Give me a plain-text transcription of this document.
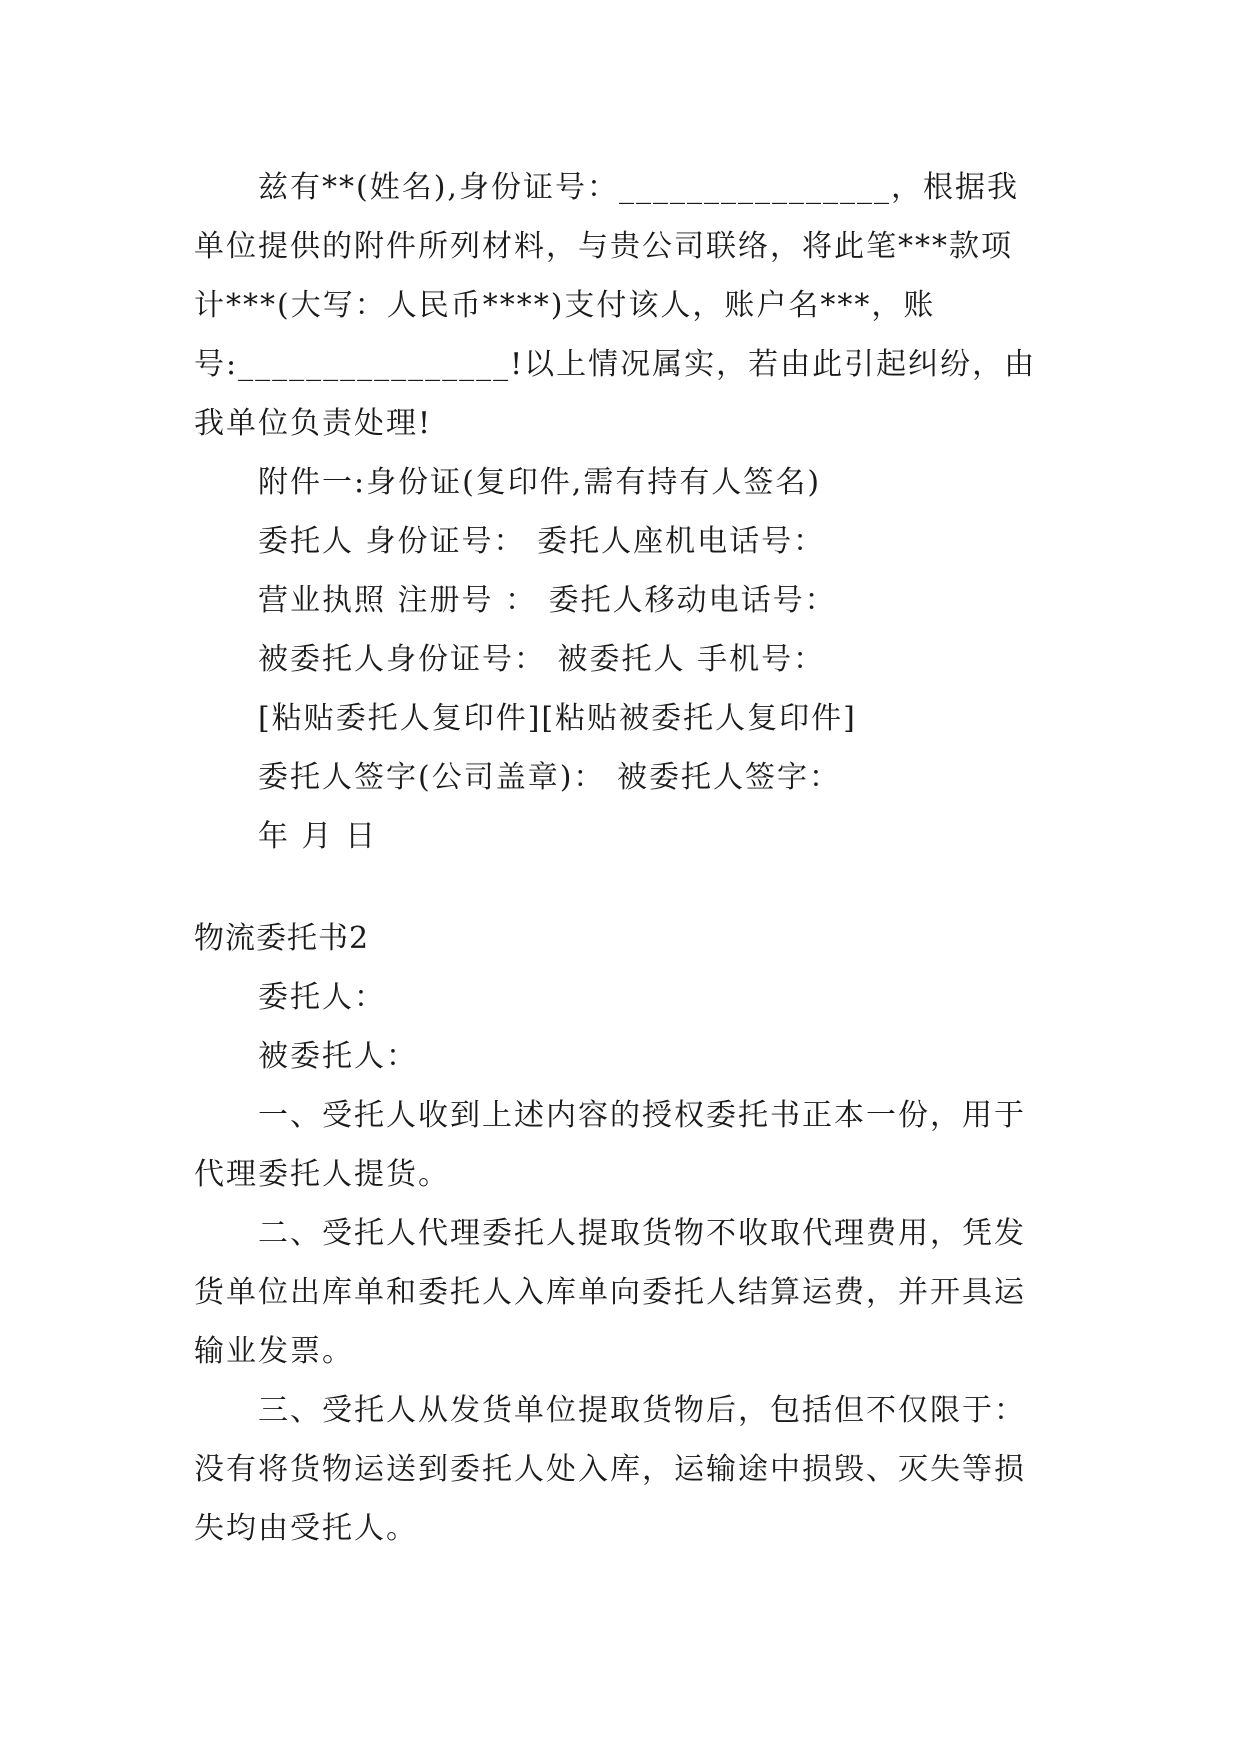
兹有**(姓名),身份证号：________________，根据我
单位提供的附件所列材料，与贵公司联络，将此笔***款项
计***(大写：人民币****)支付该人，账户名***，账
号:________________!以上情况属实，若由此引起纠纷，由
我单位负责处理!
附件一:身份证(复印件,需有持有人签名)
委托人 身份证号： 委托人座机电话号：
营业执照 注册号 ： 委托人移动电话号：
被委托人身份证号： 被委托人 手机号：
[粘贴委托人复印件][粘贴被委托人复印件]
委托人签字(公司盖章)： 被委托人签字：
年 月 日
物流委托书2
委托人：
被委托人：
一、受托人收到上述内容的授权委托书正本一份，用于
代理委托人提货。
二、受托人代理委托人提取货物不收取代理费用，凭发
货单位出库单和委托人入库单向委托人结算运费，并开具运
输业发票。
三、受托人从发货单位提取货物后，包括但不仅限于：
没有将货物运送到委托人处入库，运输途中损毁、灭失等损
失均由受托人。
